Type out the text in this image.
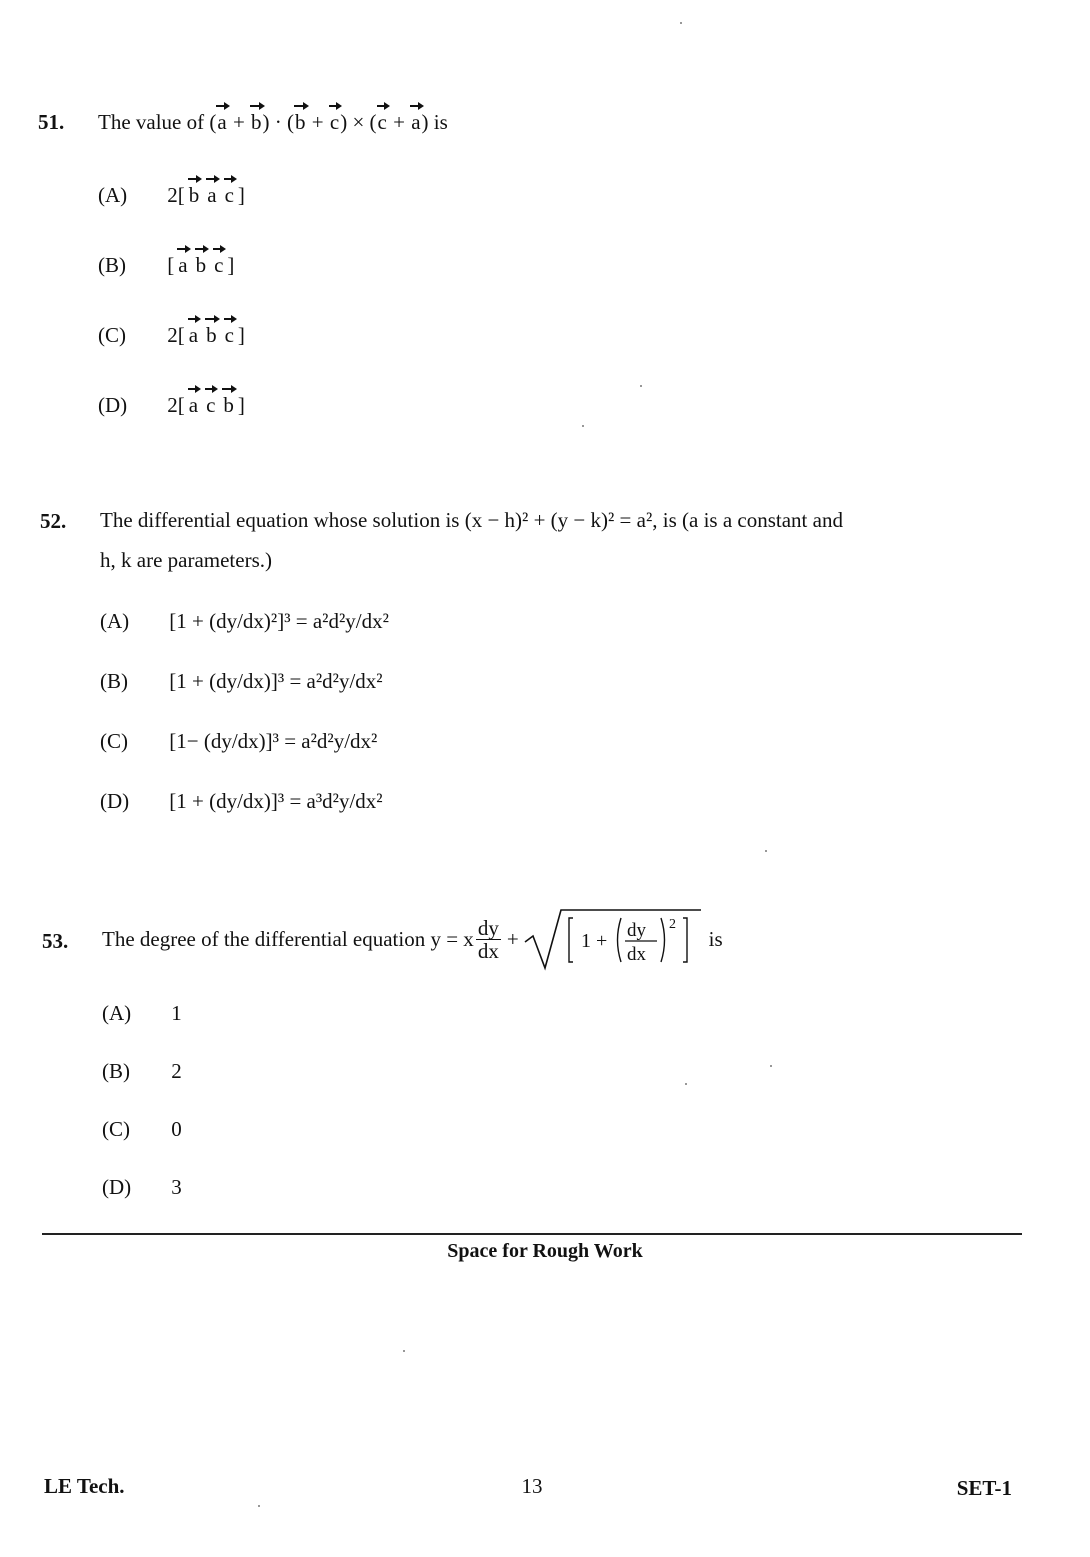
51. The value of (a + b) · (b + c) × (c + a) is
(A) 2[ b a c ]
(B) [ a b c ]
(C) 2[ a b c ]
(D) 2[ a c b ]
52. The differential equation whose solution is (x − h)² + (y − k)² = a², is (a is a constant and
h, k are parameters.)
(A) [1 + (dy/dx)²]³ = a²d²y/dx²
(B) [1 + (dy/dx)]³ = a²d²y/dx²
(C) [1− (dy/dx)]³ = a²d²y/dx²
(D) [1 + (dy/dx)]³ = a³d²y/dx²
53. The degree of the differential equation y = x $\frac{dy}{dx}$ +	1 + dy
dx
2
is
(A) 1
(B) 2
(C) 0
(D) 3
Space for Rough Work
LE Tech.	13	SET-1
